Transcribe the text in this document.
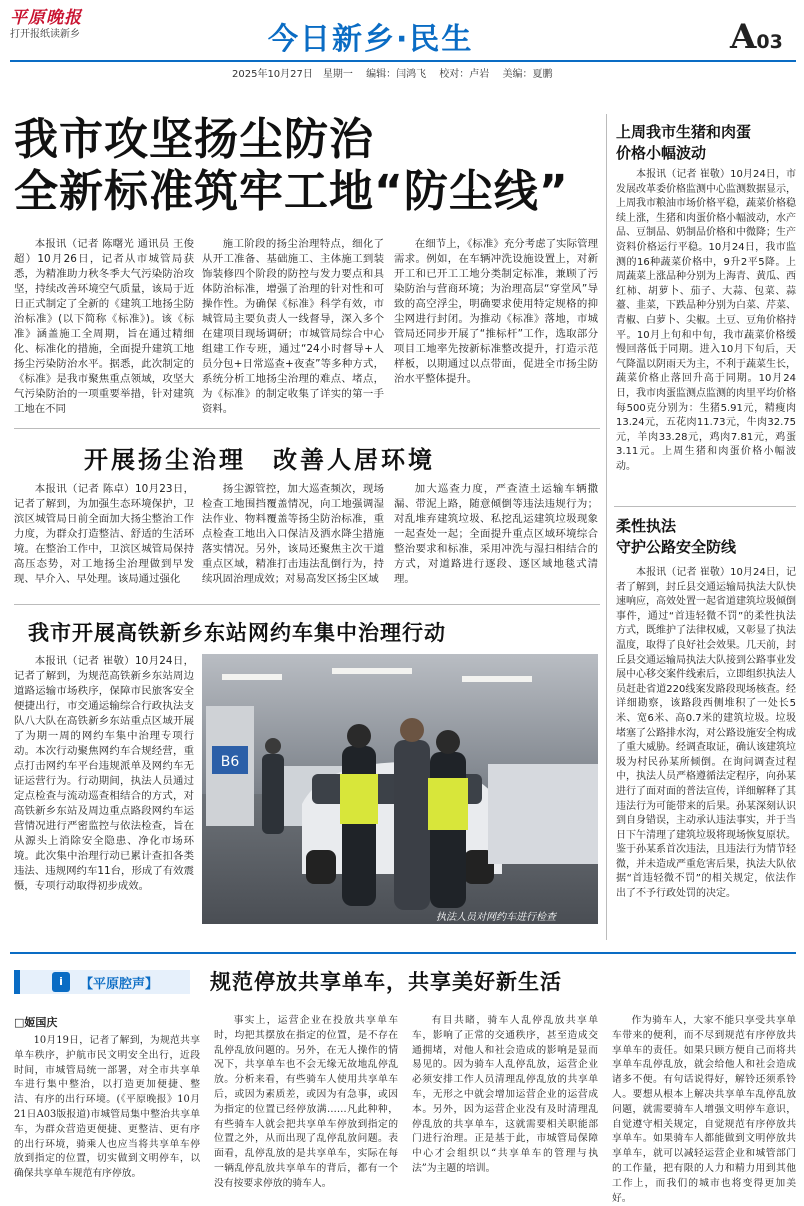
平原晚报
打开报纸读新乡	今日新乡·民生	A03
2025年10月27日　星期一 编辑：闫鸿飞 校对：卢岩 美编：夏鹏
我市攻坚扬尘防治
全新标准筑牢工地“防尘线”
本报讯（记者 陈曙光 通讯员 王俊超）10月26日，记者从市城管局获悉，为精准助力秋冬季大气污染防治攻坚，持续改善环境空气质量，该局于近日正式制定了全新的《建筑工地扬尘防治标准》(以下简称《标准》)。该《标准》涵盖施工全周期，旨在通过精细化、标准化的措施，全面提升建筑工地扬尘污染防治水平。据悉，此次制定的《标准》是我市聚焦重点领域，攻坚大气污染防治的一项重要举措，针对建筑工地在不同
施工阶段的扬尘治理特点，细化了从开工准备、基础施工、主体施工到装饰装修四个阶段的防控与发力要点和具体防治标准，增强了治理的针对性和可操作性。为确保《标准》科学有效，市城管局主要负责人一线督导，深入多个在建项目现场调研；市城管局综合中心组建工作专班，通过“24小时督导+人员分包+日常巡查+夜查”等多种方式，系统分析工地扬尘治理的难点、堵点，为《标准》的制定收集了详实的第一手资料。
在细节上，《标准》充分考虑了实际管理需求。例如，在车辆冲洗设施设置上，对新开工和已开工工地分类制定标准，兼顾了污染防治与营商环境；为治理高层“穿堂风”导致的高空浮尘，明确要求使用特定规格的抑尘网进行封闭。为推动《标准》落地，市城管局还同步开展了“推标杆”工作，选取部分项目工地率先按新标准整改提升，打造示范样板，以期通过以点带面，促进全市扬尘防治水平整体提升。
开展扬尘治理　改善人居环境
本报讯（记者 陈卓）10月23日，记者了解到，为加强生态环境保护，卫滨区城管局日前全面加大扬尘整治工作力度，为群众打造整洁、舒适的生活环境。在整治工作中，卫滨区城管局保持高压态势，对工地扬尘治理做到早发现、早介入、早处理。该局通过强化
扬尘源管控，加大巡查频次，现场检查工地围挡覆盖情况，向工地强调湿法作业、物料覆盖等扬尘防治标准，重点检查工地出入口保洁及洒水降尘措施落实情况。另外，该局还聚焦主次干道重点区域，精准打击违法乱倒行为，持续巩固治理成效；对易高发区扬尘区域
加大巡查力度，严查渣土运输车辆撒漏、带泥上路，随意倾倒等违法违规行为；对乱堆弃建筑垃圾、私挖乱运建筑垃圾现象一起查处一起；全面提升重点区域环境综合整治要求和标准，采用冲洗与湿扫相结合的方式，对道路进行逐段、逐区域地毯式清理。
我市开展高铁新乡东站网约车集中治理行动
本报讯（记者 崔敬）10月24日，记者了解到，为规范高铁新乡东站周边道路运输市场秩序，保障市民旅客安全便捷出行，市交通运输综合行政执法支队八大队在高铁新乡东站重点区域开展了为期一周的网约车集中治理专项行动。本次行动聚焦网约车合规经营，重点打击网约车平台违规派单及网约车无证运营行为。行动期间，执法人员通过定点检查与流动巡查相结合的方式，对高铁新乡东站及周边重点路段网约车运营情况进行严密监控与依法检查，旨在从源头上消除安全隐患、净化市场环境。此次集中治理行动已累计查扣各类违法、违规网约车11台，形成了有效震慑，专项行动取得初步成效。
B6
执法人员对网约车进行检查
上周我市生猪和肉蛋
价格小幅波动
本报讯（记者 崔敬）10月24日，市发展改革委价格监测中心监测数据显示，上周我市粮油市场价格平稳，蔬菜价格稳续上涨，生猪和肉蛋价格小幅波动，水产品、豆制品、奶制品价格和中微降；生产资料价格运行平稳。10月24日，我市监测的16种蔬菜价格中，9升2平5降。上周蔬菜上涨品种分别为上海青、黄瓜、西红柿、胡萝卜、茄子、大蒜、包菜、蒜薹、韭菜，下跌品种分别为白菜、芹菜、青椒、白萝卜、尖椒。土豆、豆角价格持平。10月上旬和中旬，我市蔬菜价格缓慢回落低于同期。进入10月下旬后，天气降温以阴雨天为主，不利于蔬菜生长，蔬菜价格止落回升高于同期。10月24日，我市肉蛋监测点监测的肉里平均价格每500克分别为：生猪5.91元，精瘦肉13.24元，五花肉11.73元，牛肉32.75元，羊肉33.28元，鸡肉7.81元，鸡蛋3.11元。上周生猪和肉蛋价格小幅波动。
柔性执法
守护公路安全防线
本报讯（记者 崔敬）10月24日，记者了解到，封丘县交通运输局执法大队快速响应，高效处置一起省道建筑垃圾倾倒事件，通过“首违轻微不罚”的柔性执法方式，既维护了法律权威，又彰显了执法温度，取得了良好社会效果。几天前，封丘县交通运输局执法大队接到公路事业发展中心移交案件线索后，立即组织执法人员赶赴省道220线案发路段现场核查。经详细勘察，该路段西侧堆积了一处长5米、宽6米、高0.7米的建筑垃圾。垃圾堵塞了公路排水沟，对公路设施安全构成了重大威胁。经调查取证，确认该建筑垃圾为村民孙某所倾倒。在询问调查过程中，执法人员严格遵循法定程序，向孙某进行了面对面的普法宣传，详细解释了其违法行为可能带来的后果。孙某深刻认识到自身错误，主动承认违法事实，并于当日下午清理了建筑垃圾将现场恢复原状。鉴于孙某系首次违法，且违法行为情节轻微，并未造成严重危害后果，执法大队依据“首违轻微不罚”的相关规定，依法作出了不予行政处罚的决定。
i	【平原腔声】 规范停放共享单车，共享美好新生活
□姬国庆
10月19日，记者了解到，为规范共享单车秩序，护航市民文明安全出行，近段时间，市城管局统一部署，对全市共享单车进行集中整治，以打造更加便捷、整洁、有序的出行环境。(《平原晚报》10月21日A03版报道)市城管局集中整治共享单车，为群众营造更便捷、更整洁、更有序的出行环境，骑乘人也应当将共享单车停放到指定的位置，切实做到文明停车，以确保共享单车规范有序停放。
事实上，运营企业在投放共享单车时，均把其摆放在指定的位置，是不存在乱停乱放问题的。另外，在无人操作的情况下，共享单车也不会无缘无故地乱停乱放。分析来看，有些骑车人使用共享单车后，或因为素质差，或因为有急事，或因为指定的位置已经停放满……凡此种种，有些骑车人就会把共享单车停放到指定的位置之外，从而出现了乱停乱放问题。表面看，乱停乱放的是共享单车，实际在每一辆乱停乱放共享单车的背后，都有一个没有按要求停放的骑车人。
有目共睹，骑车人乱停乱放共享单车，影响了正常的交通秩序，甚至造成交通拥堵，对他人和社会造成的影响是显而易见的。因为骑车人乱停乱放，运营企业必须安排工作人员清理乱停乱放的共享单车，无形之中就会增加运营企业的运营成本。另外，因为运营企业没有及时清理乱停乱放的共享单车，这就需要相关职能部门进行治理。正是基于此，市城管局保障中心才会组织以“共享单车的管理与执法”为主题的培训。
作为骑车人，大家不能只享受共享单车带来的便利，而不尽到规范有序停放共享单车的责任。如果只顾方便自己而将共享单车乱停乱放，就会给他人和社会造成诸多不便。有句话说得好，解铃还须系铃人。要想从根本上解决共享单车乱停乱放问题，就需要骑车人增强文明停车意识，自觉遵守相关规定，自觉规范有序停放共享单车。如果骑车人都能做到文明停放共享单车，就可以减轻运营企业和城管部门的工作量，把有限的人力和精力用到其他工作上，而我们的城市也将变得更加美好。
